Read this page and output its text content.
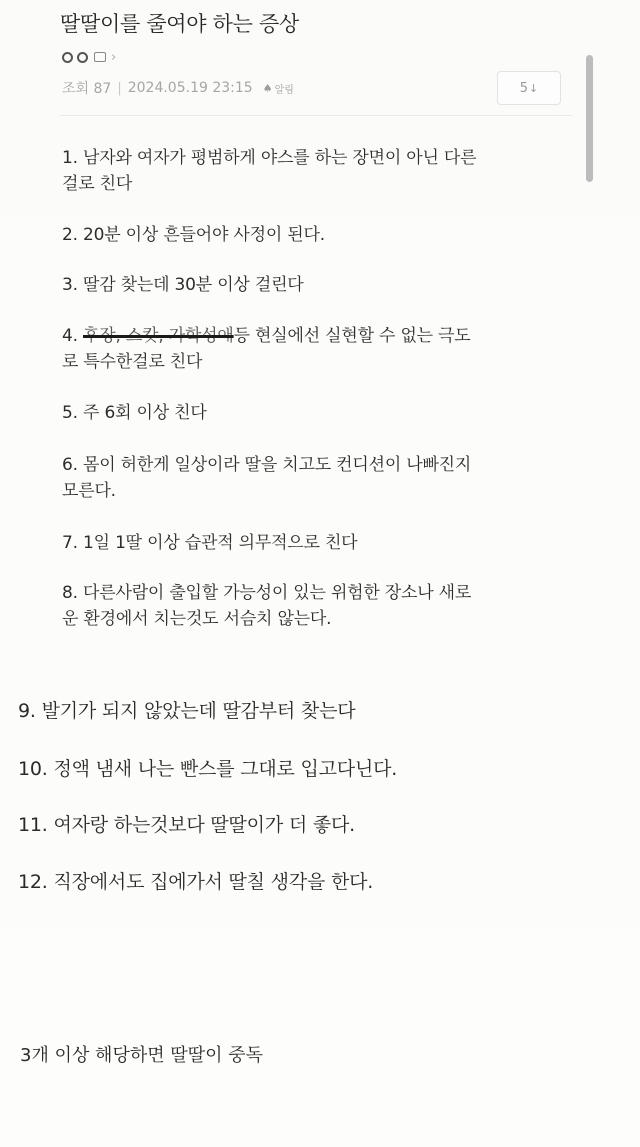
딸딸이를 줄여야 하는 증상
›
조회 87 | 2024.05.19 23:15 ♠ 알림	5 ↓
1. 남자와 여자가 평범하게 야스를 하는 장면이 아닌 다른
걸로 친다
2. 20분 이상 흔들어야 사정이 된다.
3. 딸감 찾는데 30분 이상 걸린다
4. 후장, 스캇, 가학성애등 현실에선 실현할 수 없는 극도
로 특수한걸로 친다
5. 주 6회 이상 친다
6. 몸이 허한게 일상이라 딸을 치고도 컨디션이 나빠진지
모른다.
7. 1일 1딸 이상 습관적 의무적으로 친다
8. 다른사람이 출입할 가능성이 있는 위험한 장소나 새로
운 환경에서 치는것도 서슴치 않는다.
9. 발기가 되지 않았는데 딸감부터 찾는다
10. 정액 냄새 나는 빤스를 그대로 입고다닌다.
11. 여자랑 하는것보다 딸딸이가 더 좋다.
12. 직장에서도 집에가서 딸칠 생각을 한다.
3개 이상 해당하면 딸딸이 중독
